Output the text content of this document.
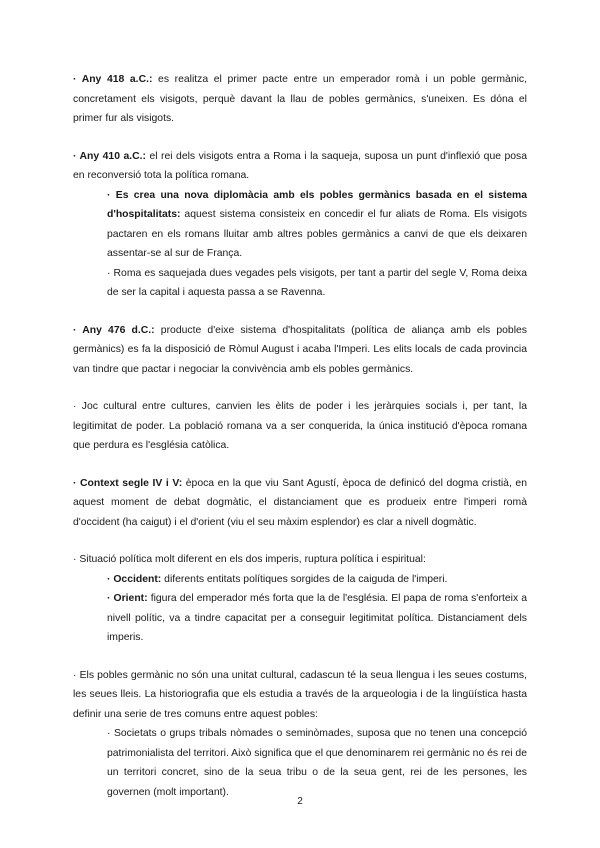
· Any 418 a.C.: es realitza el primer pacte entre un emperador romà i un poble germànic, concretament els visigots, perquè davant la llau de pobles germànics, s'uneixen. Es dóna el primer fur als visigots.

· Any 410 a.C.: el rei dels visigots entra a Roma i la saqueja, suposa un punt d'inflexió que posa en reconversió tota la política romana.

· Es crea una nova diplomàcia amb els pobles germànics basada en el sistema d'hospitalitats: aquest sistema consisteix en concedir el fur aliats de Roma. Els visigots pactaren en els romans lluitar amb altres pobles germànics a canvi de que els deixaren assentar-se al sur de França.

· Roma es saquejada dues vegades pels visigots, per tant a partir del segle V, Roma deixa de ser la capital i aquesta passa a se Ravenna.

· Any 476 d.C.: producte d'eixe sistema d'hospitalitats (política de aliança amb els pobles germànics) es fa la disposició de Ròmul August i acaba l'Imperi. Les elits locals de cada provincia van tindre que pactar i negociar la convivència amb els pobles germànics.

· Joc cultural entre cultures, canvien les èlits de poder i les jeràrquies socials i, per tant, la legitimitat de poder. La població romana va a ser conquerida, la única institució d'època romana que perdura es l'església catòlica.

· Context segle IV i V: època en la que viu Sant Agustí, època de definicó del dogma cristià, en aquest moment de debat dogmàtic, el distanciament que es produeix entre l'imperi romà d'occident (ha caigut) i el d'orient (viu el seu màxim esplendor) es clar a nivell dogmàtic.

· Situació política molt diferent en els dos imperis, ruptura política i espiritual:

· Occident: diferents entitats polítiques sorgides de la caiguda de l'imperi.

· Orient: figura del emperador més forta que la de l'església. El papa de roma s'enforteix a nivell polític, va a tindre capacitat per a conseguir legitimitat política. Distanciament dels imperis.

· Els pobles germànic no són una unitat cultural, cadascun té la seua llengua i les seues costums, les seues lleis. La historiografia que els estudia a través de la arqueologia i de la lingüística hasta definir una serie de tres comuns entre aquest pobles:

· Societats o grups tribals nòmades o seminòmades, suposa que no tenen una concepció patrimonialista del territori. Això significa que el que denominarem rei germànic no és rei de un territori concret, sino de la seua tribu o de la seua gent, rei de les persones, les governen (molt important).

2
